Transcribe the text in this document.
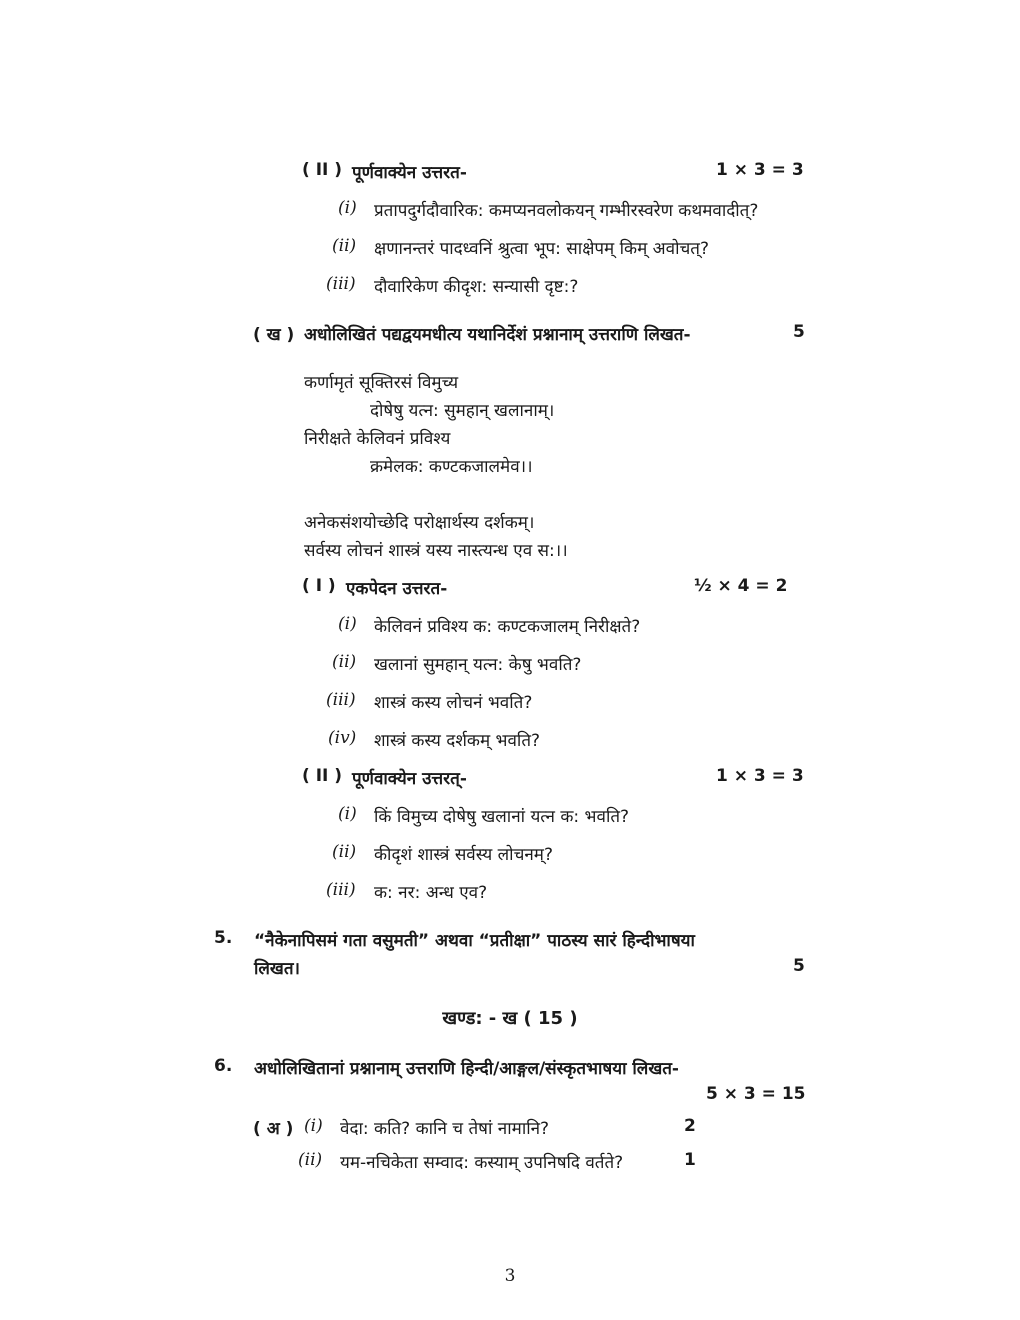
( II ) पूर्णवाक्येन उत्तरत-	1 × 3 = 3
(i) प्रतापदुर्गदौवारिक: कमप्यनवलोकयन् गम्भीरस्वरेण कथमवादीत्?
(ii) क्षणानन्तरं पादध्वनिं श्रुत्वा भूप: साक्षेपम् किम् अवोचत्?
(iii) दौवारिकेण कीदृश: सन्यासी दृष्ट:?
( ख ) अधोलिखितं पद्यद्वयमधीत्य यथानिर्देशं प्रश्नानाम् उत्तराणि लिखत-	5
कर्णामृतं सूक्तिरसं विमुच्य
दोषेषु यत्न: सुमहान् खलानाम्।
निरीक्षते केलिवनं प्रविश्य
क्रमेलक: कण्टकजालमेव।।
अनेकसंशयोच्छेदि परोक्षार्थस्य दर्शकम्।
सर्वस्य लोचनं शास्त्रं यस्य नास्त्यन्ध एव स:।।
( I ) एकपेदन उत्तरत-	½ × 4 = 2
(i) केलिवनं प्रविश्य क: कण्टकजालम् निरीक्षते?
(ii) खलानां सुमहान् यत्न: केषु भवति?
(iii) शास्त्रं कस्य लोचनं भवति?
(iv) शास्त्रं कस्य दर्शकम् भवति?
( II ) पूर्णवाक्येन उत्तरत्-	1 × 3 = 3
(i) किं विमुच्य दोषेषु खलानां यत्न क: भवति?
(ii) कीदृशं शास्त्रं सर्वस्य लोचनम्?
(iii) क: नर: अन्ध एव?
5. “नैकेनापिसमं गता वसुमती” अथवा “प्रतीक्षा” पाठस्य सारं हिन्दीभाषया
लिखत।	5
खण्ड: - ख ( 15 )
6. अधोलिखितानां प्रश्नानाम् उत्तराणि हिन्दी/आङ्गल/संस्कृतभाषया लिखत-
5 × 3 = 15
( अ ) (i) वेदा: कति? कानि च तेषां नामानि?	2
(ii) यम-नचिकेता सम्वाद: कस्याम् उपनिषदि वर्तते?	1
3
